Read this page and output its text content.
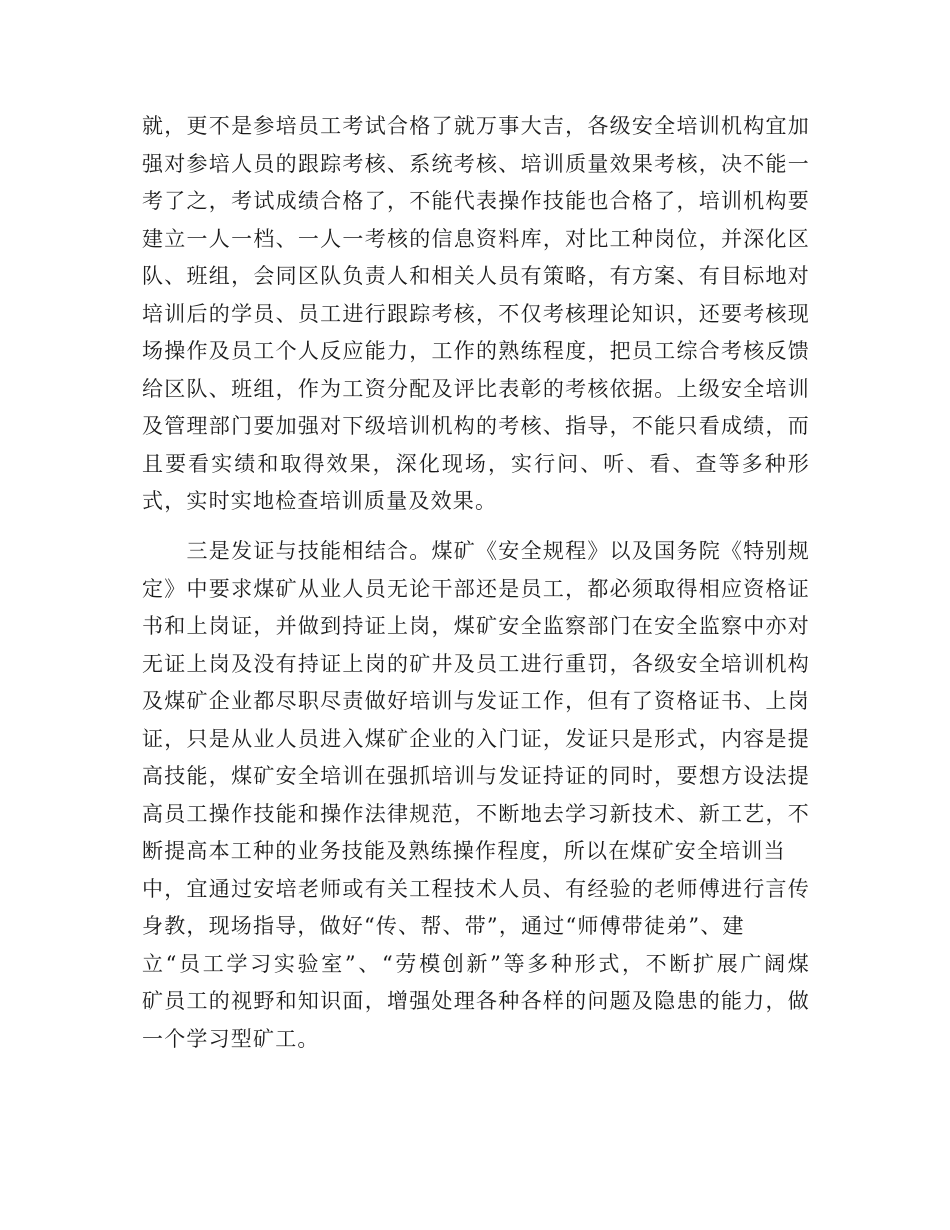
就，更不是参培员工考试合格了就万事大吉，各级安全培训机构宜加
强对参培人员的跟踪考核、系统考核、培训质量效果考核，决不能一
考了之，考试成绩合格了，不能代表操作技能也合格了，培训机构要
建立一人一档、一人一考核的信息资料库，对比工种岗位，并深化区
队、班组，会同区队负责人和相关人员有策略，有方案、有目标地对
培训后的学员、员工进行跟踪考核，不仅考核理论知识，还要考核现
场操作及员工个人反应能力，工作的熟练程度，把员工综合考核反馈
给区队、班组，作为工资分配及评比表彰的考核依据。上级安全培训
及管理部门要加强对下级培训机构的考核、指导，不能只看成绩，而
且要看实绩和取得效果，深化现场，实行问、听、看、查等多种形
式，实时实地检查培训质量及效果。
　　三是发证与技能相结合。煤矿《安全规程》以及国务院《特别规
定》中要求煤矿从业人员无论干部还是员工，都必须取得相应资格证
书和上岗证，并做到持证上岗，煤矿安全监察部门在安全监察中亦对
无证上岗及没有持证上岗的矿井及员工进行重罚，各级安全培训机构
及煤矿企业都尽职尽责做好培训与发证工作，但有了资格证书、上岗
证，只是从业人员进入煤矿企业的入门证，发证只是形式，内容是提
高技能，煤矿安全培训在强抓培训与发证持证的同时，要想方设法提
高员工操作技能和操作法律规范，不断地去学习新技术、新工艺，不
断提高本工种的业务技能及熟练操作程度，所以在煤矿安全培训当
中，宜通过安培老师或有关工程技术人员、有经验的老师傅进行言传
身教，现场指导，做好“传、帮、带”，通过“师傅带徒弟”、建
立“员工学习实验室”、“劳模创新”等多种形式，不断扩展广阔煤
矿员工的视野和知识面，增强处理各种各样的问题及隐患的能力，做
一个学习型矿工。
